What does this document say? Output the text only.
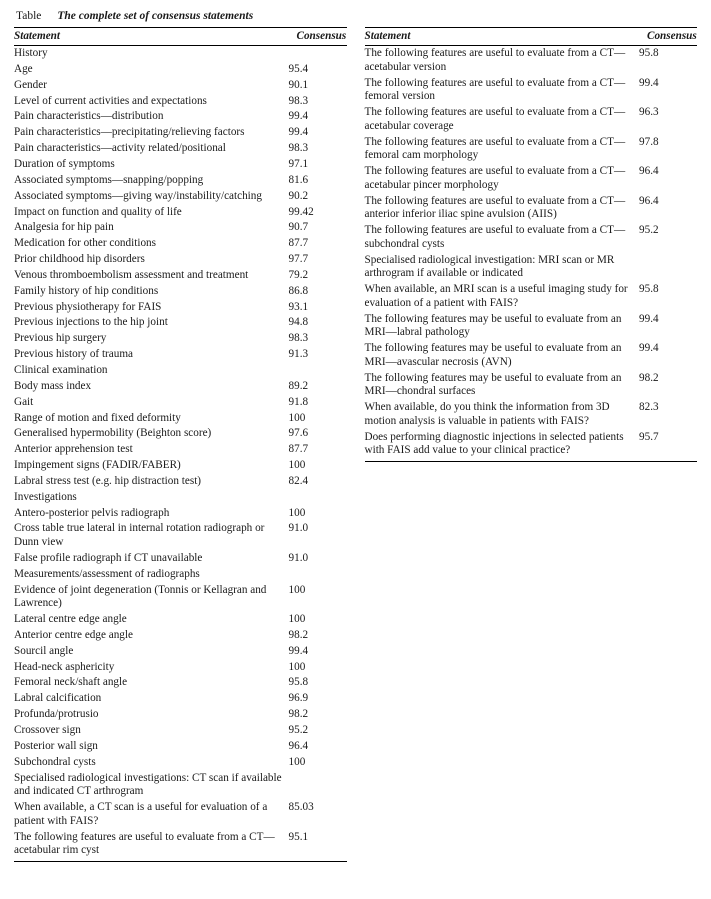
Table The complete set of consensus statements
Statement	Consensus
History	
Age	95.4
Gender	90.1
Level of current activities and expectations	98.3
Pain characteristics—distribution	99.4
Pain characteristics—precipitating/relieving factors	99.4
Pain characteristics—activity related/positional	98.3
Duration of symptoms	97.1
Associated symptoms—snapping/popping	81.6
Associated symptoms—giving way/instability/catching	90.2
Impact on function and quality of life	99.42
Analgesia for hip pain	90.7
Medication for other conditions	87.7
Prior childhood hip disorders	97.7
Venous thromboembolism assessment and treatment	79.2
Family history of hip conditions	86.8
Previous physiotherapy for FAIS	93.1
Previous injections to the hip joint	94.8
Previous hip surgery	98.3
Previous history of trauma	91.3
Clinical examination	
Body mass index	89.2
Gait	91.8
Range of motion and fixed deformity	100
Generalised hypermobility (Beighton score)	97.6
Anterior apprehension test	87.7
Impingement signs (FADIR/FABER)	100
Labral stress test (e.g. hip distraction test)	82.4
Investigations	
Antero-posterior pelvis radiograph	100
Cross table true lateral in internal rotation radiograph or Dunn view	91.0
False profile radiograph if CT unavailable	91.0
Measurements/assessment of radiographs	
Evidence of joint degeneration (Tonnis or Kellagran and Lawrence)	100
Lateral centre edge angle	100
Anterior centre edge angle	98.2
Sourcil angle	99.4
Head-neck asphericity	100
Femoral neck/shaft angle	95.8
Labral calcification	96.9
Profunda/protrusio	98.2
Crossover sign	95.2
Posterior wall sign	96.4
Subchondral cysts	100
Specialised radiological investigations: CT scan if available and indicated CT arthrogram	
When available, a CT scan is a useful for evaluation of a patient with FAIS?	85.03
The following features are useful to evaluate from a CT—acetabular rim cyst	95.1
Statement	Consensus
The following features are useful to evaluate from a CT—acetabular version	95.8
The following features are useful to evaluate from a CT—femoral version	99.4
The following features are useful to evaluate from a CT—acetabular coverage	96.3
The following features are useful to evaluate from a CT—femoral cam morphology	97.8
The following features are useful to evaluate from a CT—acetabular pincer morphology	96.4
The following features are useful to evaluate from a CT—anterior inferior iliac spine avulsion (AIIS)	96.4
The following features are useful to evaluate from a CT—subchondral cysts	95.2
Specialised radiological investigation: MRI scan or MR arthrogram if available or indicated	
When available, an MRI scan is a useful imaging study for evaluation of a patient with FAIS?	95.8
The following features may be useful to evaluate from an MRI—labral pathology	99.4
The following features may be useful to evaluate from an MRI—avascular necrosis (AVN)	99.4
The following features may be useful to evaluate from an MRI—chondral surfaces	98.2
When available, do you think the information from 3D motion analysis is valuable in patients with FAIS?	82.3
Does performing diagnostic injections in selected patients with FAIS add value to your clinical practice?	95.7
